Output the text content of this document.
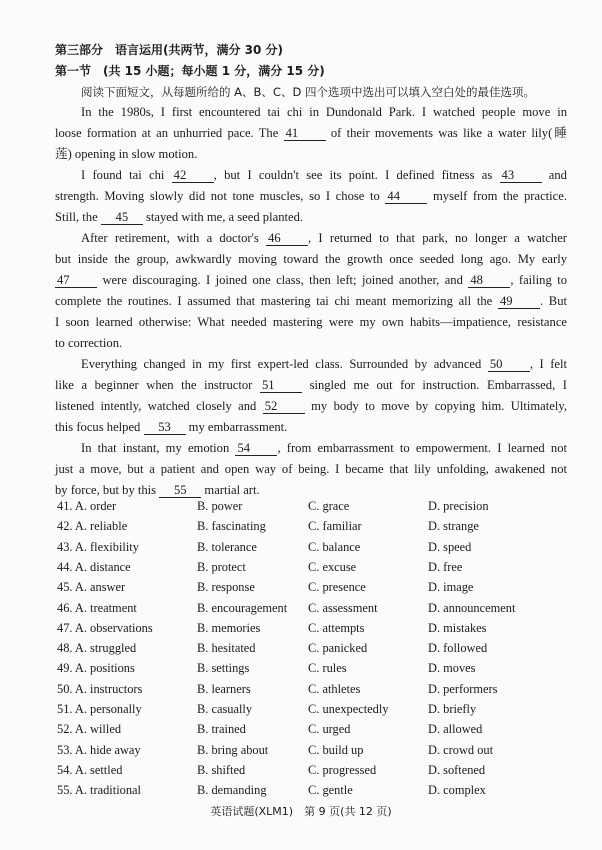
第三部分　语言运用(共两节，满分 30 分)
第一节　(共 15 小题；每小题 1 分，满分 15 分)
阅读下面短文，从每题所给的 A、B、C、D 四个选项中选出可以填入空白处的最佳选项。
In the 1980s, I first encountered tai chi in Dundonald Park. I watched people move in
loose formation at an unhurried pace. The 41	of their movements was like a water lily(睡
莲) opening in slow motion.
I found tai chi 42 , but I couldn't see its point. I defined fitness as 43	and
strength. Moving slowly did not tone muscles, so I chose to 44	myself from the practice.
Still, the 45 stayed with me, a seed planted.
After retirement, with a doctor's 46 , I returned to that park, no longer a watcher
but inside the group, awkwardly moving toward the growth once seeded long ago. My early
47	were discouraging. I joined one class, then left; joined another, and 48 , failing to
complete the routines. I assumed that mastering tai chi meant memorizing all the 49 . But
I soon learned otherwise: What needed mastering were my own habits—impatience, resistance
to correction.
Everything changed in my first expert-led class. Surrounded by advanced 50 , I felt
like a beginner when the instructor 51	singled me out for instruction. Embarrassed, I
listened intently, watched closely and 52	my body to move by copying him. Ultimately,
this focus helped 53 my embarrassment.
In that instant, my emotion 54 , from embarrassment to empowerment. I learned not
just a move, but a patient and open way of being. I became that lily unfolding, awakened not
by force, but by this 55 martial art.
41. A. order	B. power	C. grace	D. precision
42. A. reliable	B. fascinating	C. familiar	D. strange
43. A. flexibility	B. tolerance	C. balance	D. speed
44. A. distance	B. protect	C. excuse	D. free
45. A. answer	B. response	C. presence	D. image
46. A. treatment	B. encouragement C. assessment	D. announcement
47. A. observations	B. memories	C. attempts	D. mistakes
48. A. struggled	B. hesitated	C. panicked	D. followed
49. A. positions	B. settings	C. rules	D. moves
50. A. instructors	B. learners	C. athletes	D. performers
51. A. personally	B. casually	C. unexpectedly	D. briefly
52. A. willed	B. trained	C. urged	D. allowed
53. A. hide away	B. bring about	C. build up	D. crowd out
54. A. settled	B. shifted	C. progressed	D. softened
55. A. traditional	B. demanding	C. gentle	D. complex
英语试题(XLM1)　第 9 页(共 12 页)
